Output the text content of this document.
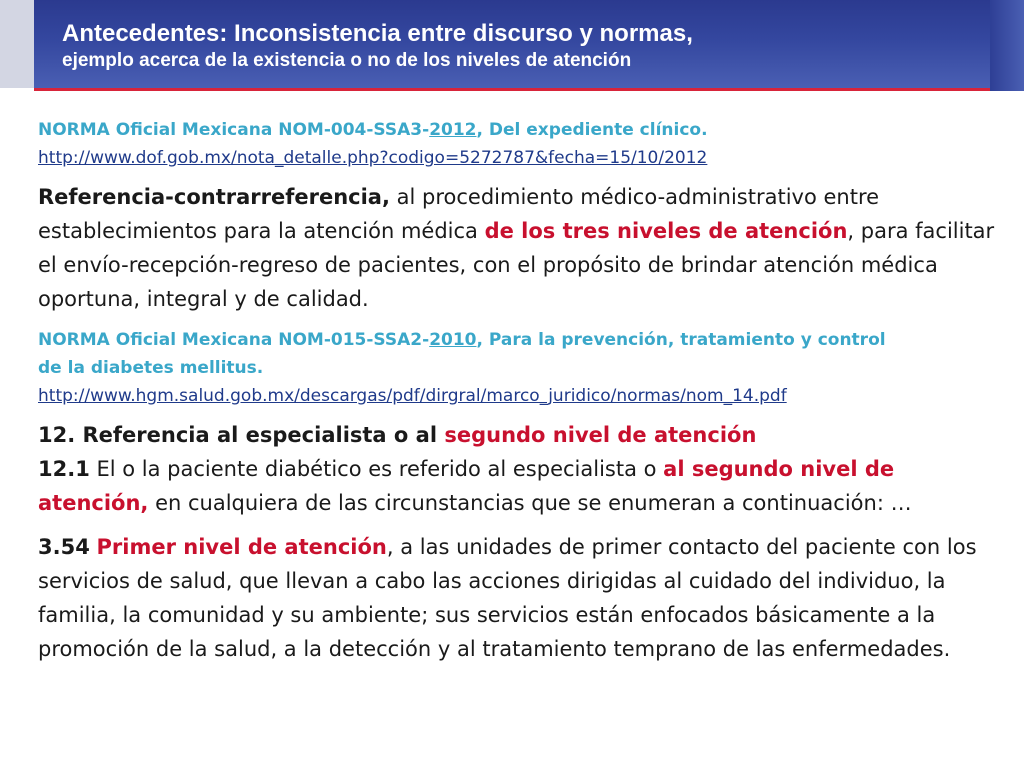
Antecedentes: Inconsistencia entre discurso y normas,
ejemplo acerca de la existencia o no de los niveles de atención

NORMA Oficial Mexicana NOM-004-SSA3-2012, Del expediente clínico.

http://www.dof.gob.mx/nota_detalle.php?codigo=5272787&fecha=15/10/2012

Referencia-contrarreferencia, al procedimiento médico-administrativo entre establecimientos para la atención médica de los tres niveles de atención, para facilitar el envío-recepción-regreso de pacientes, con el propósito de brindar atención médica oportuna, integral y de calidad.

NORMA Oficial Mexicana NOM-015-SSA2-2010, Para la prevención, tratamiento y control

de la diabetes mellitus.

http://www.hgm.salud.gob.mx/descargas/pdf/dirgral/marco_juridico/normas/nom_14.pdf

12. Referencia al especialista o al segundo nivel de atención

12.1 El o la paciente diabético es referido al especialista o al segundo nivel de atención, en cualquiera de las circunstancias que se enumeran a continuación: …

3.54 Primer nivel de atención, a las unidades de primer contacto del paciente con los servicios de salud, que llevan a cabo las acciones dirigidas al cuidado del individuo, la familia, la comunidad y su ambiente; sus servicios están enfocados básicamente a la promoción de la salud, a la detección y al tratamiento temprano de las enfermedades.
